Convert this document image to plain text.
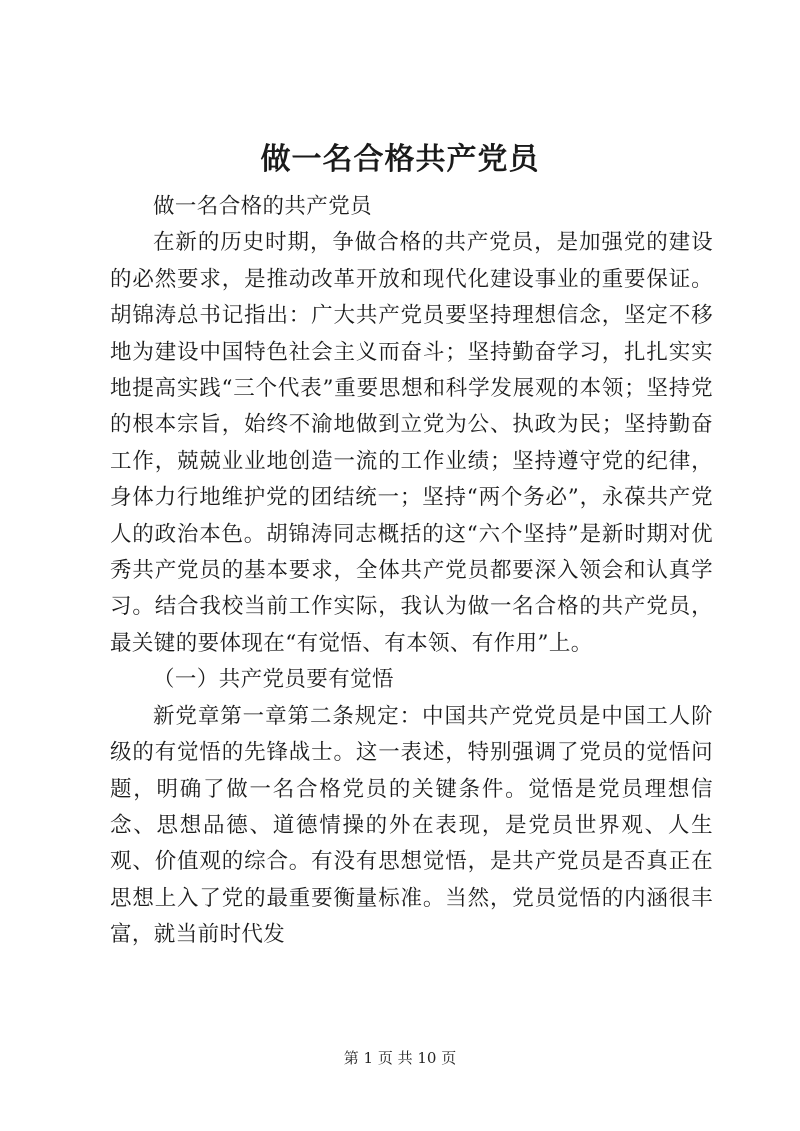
做一名合格共产党员

做一名合格的共产党员

在新的历史时期，争做合格的共产党员，是加强党的建设的必然要求，是推动改革开放和现代化建设事业的重要保证。胡锦涛总书记指出：广大共产党员要坚持理想信念，坚定不移地为建设中国特色社会主义而奋斗；坚持勤奋学习，扎扎实实地提高实践“三个代表”重要思想和科学发展观的本领；坚持党的根本宗旨，始终不渝地做到立党为公、执政为民；坚持勤奋工作，兢兢业业地创造一流的工作业绩；坚持遵守党的纪律，身体力行地维护党的团结统一；坚持“两个务必”，永葆共产党人的政治本色。胡锦涛同志概括的这“六个坚持”是新时期对优秀共产党员的基本要求，全体共产党员都要深入领会和认真学习。结合我校当前工作实际，我认为做一名合格的共产党员，最关键的要体现在“有觉悟、有本领、有作用”上。

（一）共产党员要有觉悟

新党章第一章第二条规定：中国共产党党员是中国工人阶级的有觉悟的先锋战士。这一表述，特别强调了党员的觉悟问题，明确了做一名合格党员的关键条件。觉悟是党员理想信念、思想品德、道德情操的外在表现，是党员世界观、人生观、价值观的综合。有没有思想觉悟，是共产党员是否真正在思想上入了党的最重要衡量标准。当然，党员觉悟的内涵很丰富，就当前时代发

第 1 页 共 10 页
